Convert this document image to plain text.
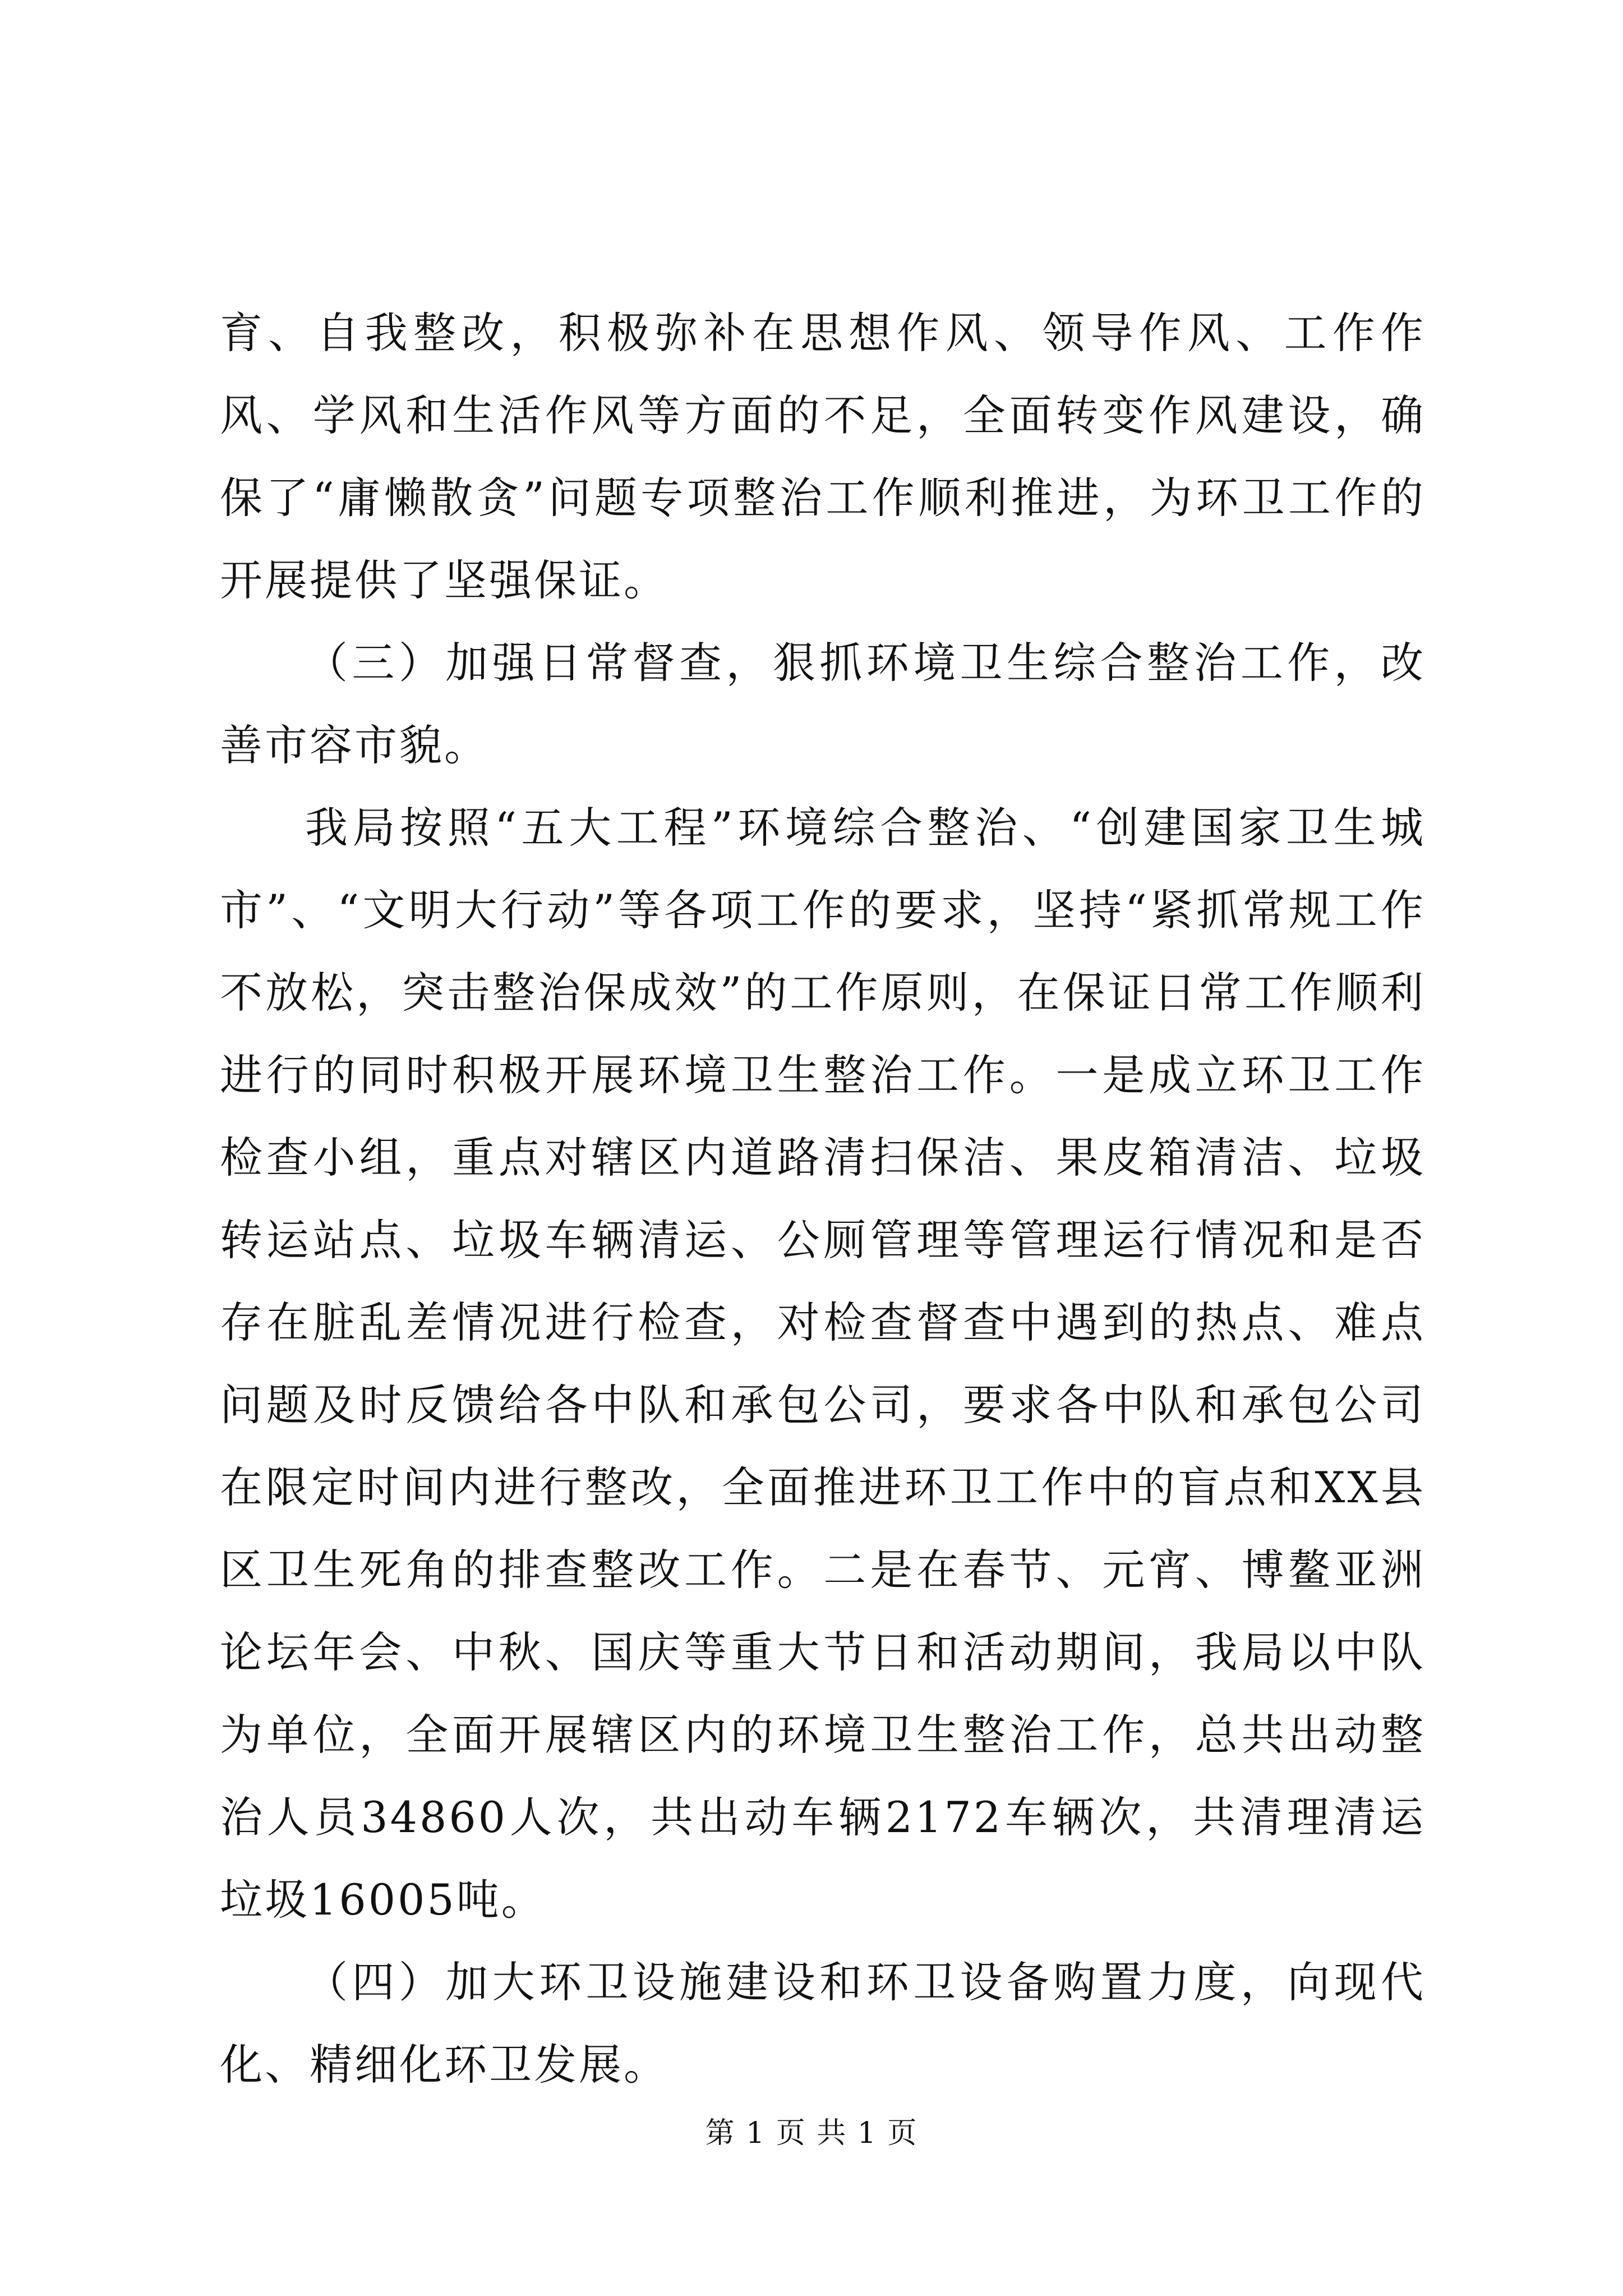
育、自我整改，积极弥补在思想作风、领导作风、工作作风、学风和生活作风等方面的不足，全面转变作风建设，确保了“庸懒散贪”问题专项整治工作顺利推进，为环卫工作的开展提供了坚强保证。

（三）加强日常督查，狠抓环境卫生综合整治工作，改善市容市貌。

我局按照“五大工程”环境综合整治、“创建国家卫生城市”、“文明大行动”等各项工作的要求，坚持“紧抓常规工作不放松，突击整治保成效”的工作原则，在保证日常工作顺利进行的同时积极开展环境卫生整治工作。一是成立环卫工作检查小组，重点对辖区内道路清扫保洁、果皮箱清洁、垃圾转运站点、垃圾车辆清运、公厕管理等管理运行情况和是否存在脏乱差情况进行检查，对检查督查中遇到的热点、难点问题及时反馈给各中队和承包公司，要求各中队和承包公司在限定时间内进行整改，全面推进环卫工作中的盲点和XX县区卫生死角的排查整改工作。二是在春节、元宵、博鳌亚洲论坛年会、中秋、国庆等重大节日和活动期间，我局以中队为单位，全面开展辖区内的环境卫生整治工作，总共出动整治人员34860人次，共出动车辆2172车辆次，共清理清运垃圾16005吨。

（四）加大环卫设施建设和环卫设备购置力度，向现代化、精细化环卫发展。

第 1 页 共 1 页
